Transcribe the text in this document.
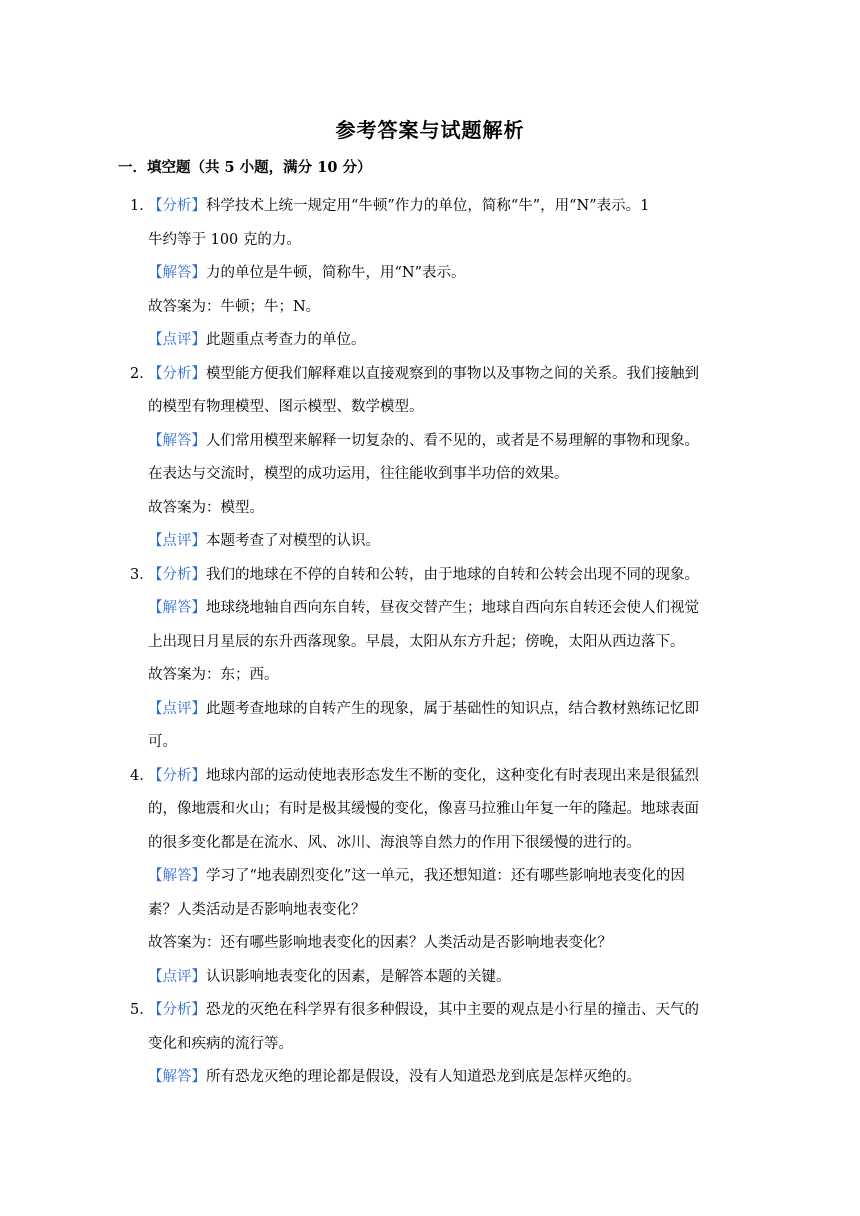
参考答案与试题解析
一．填空题（共 5 小题，满分 10 分）
1．
【分析】科学技术上统一规定用“牛顿”作力的单位，简称“牛”，用“N”表示。1
牛约等于 100 克的力。
【解答】力的单位是牛顿，简称牛，用“N”表示。
故答案为：牛顿；牛；N。
【点评】此题重点考查力的单位。
2．
【分析】模型能方便我们解释难以直接观察到的事物以及事物之间的关系。我们接触到
的模型有物理模型、图示模型、数学模型。
【解答】人们常用模型来解释一切复杂的、看不见的，或者是不易理解的事物和现象。
在表达与交流时，模型的成功运用，往往能收到事半功倍的效果。
故答案为：模型。
【点评】本题考查了对模型的认识。
3．
【分析】我们的地球在不停的自转和公转，由于地球的自转和公转会出现不同的现象。
【解答】地球绕地轴自西向东自转，昼夜交替产生；地球自西向东自转还会使人们视觉
上出现日月星辰的东升西落现象。早晨，太阳从东方升起；傍晚，太阳从西边落下。
故答案为：东；西。
【点评】此题考查地球的自转产生的现象，属于基础性的知识点，结合教材熟练记忆即
可。
4．
【分析】地球内部的运动使地表形态发生不断的变化，这种变化有时表现出来是很猛烈
的，像地震和火山；有时是极其缓慢的变化，像喜马拉雅山年复一年的隆起。地球表面
的很多变化都是在流水、风、冰川、海浪等自然力的作用下很缓慢的进行的。
【解答】学习了“地表剧烈变化”这一单元，我还想知道：还有哪些影响地表变化的因
素？人类活动是否影响地表变化？
故答案为：还有哪些影响地表变化的因素？人类活动是否影响地表变化？
【点评】认识影响地表变化的因素，是解答本题的关键。
5．
【分析】恐龙的灭绝在科学界有很多种假设，其中主要的观点是小行星的撞击、天气的
变化和疾病的流行等。
【解答】所有恐龙灭绝的理论都是假设，没有人知道恐龙到底是怎样灭绝的。
